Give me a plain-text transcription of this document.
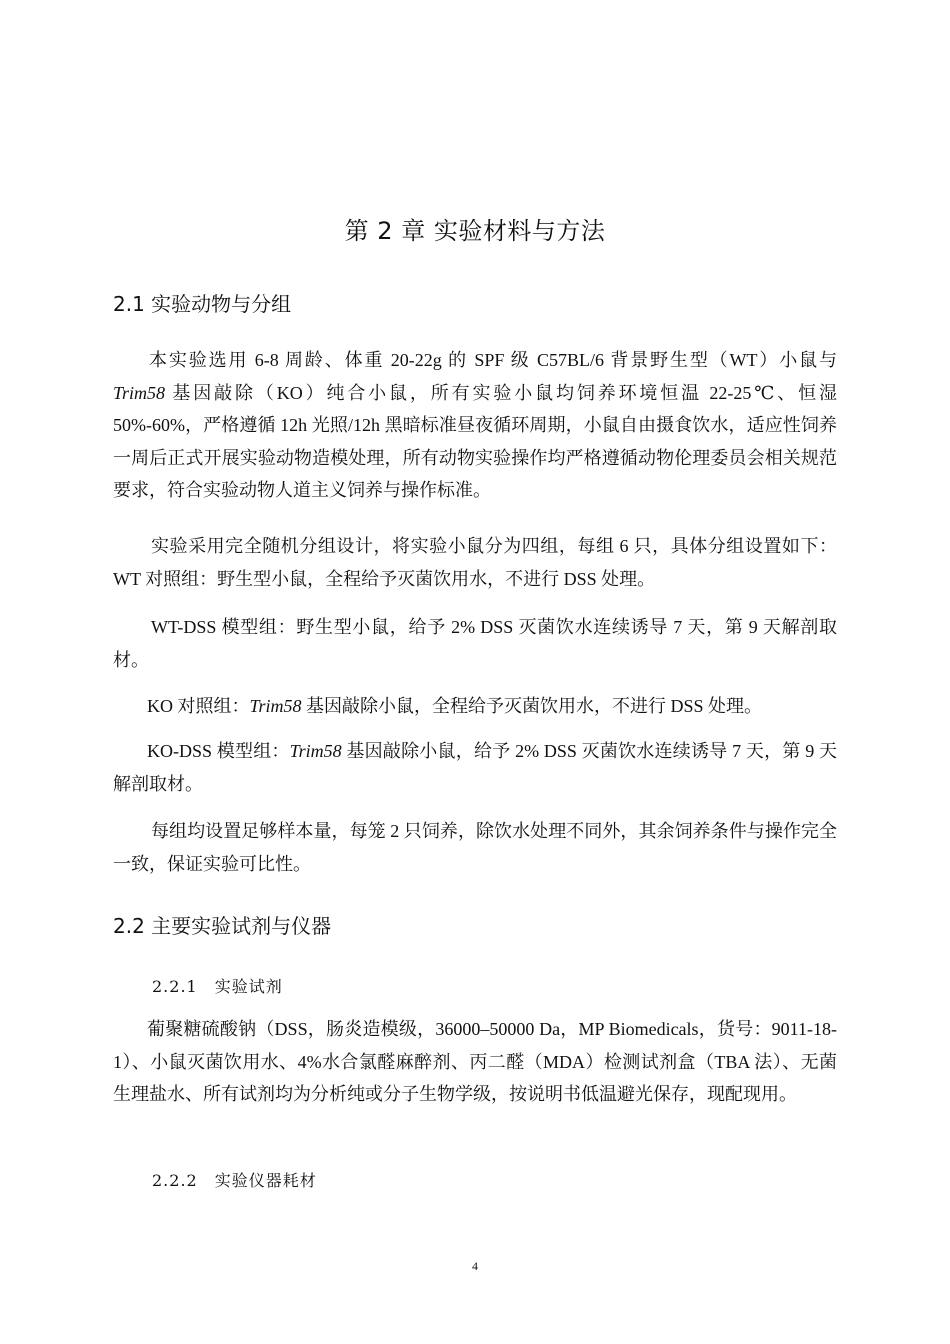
第 2 章 实验材料与方法
2.1 实验动物与分组

本实验选用 6-8 周龄、体重 20-22g 的 SPF 级 C57BL/6 背景野生型（WT）小鼠与 Trim58 基因敲除（KO）纯合小鼠，所有实验小鼠均饲养环境恒温 22-25℃、恒湿 50%-60%，严格遵循 12h 光照/12h 黑暗标准昼夜循环周期，小鼠自由摄食饮水，适应性饲养一周后正式开展实验动物造模处理，所有动物实验操作均严格遵循动物伦理委员会相关规范要求，符合实验动物人道主义饲养与操作标准。

实验采用完全随机分组设计，将实验小鼠分为四组，每组 6 只，具体分组设置如下：WT 对照组：野生型小鼠，全程给予灭菌饮用水，不进行 DSS 处理。

WT-DSS 模型组：野生型小鼠，给予 2% DSS 灭菌饮水连续诱导 7 天，第 9 天解剖取材。

KO 对照组：Trim58 基因敲除小鼠，全程给予灭菌饮用水，不进行 DSS 处理。

KO-DSS 模型组：Trim58 基因敲除小鼠，给予 2% DSS 灭菌饮水连续诱导 7 天，第 9 天解剖取材。

每组均设置足够样本量，每笼 2 只饲养，除饮水处理不同外，其余饲养条件与操作完全一致，保证实验可比性。

2.2 主要实验试剂与仪器
2.2.1　实验试剂

葡聚糖硫酸钠（DSS，肠炎造模级，36000–50000 Da，MP Biomedicals，货号：9011-18-1）、小鼠灭菌饮用水、4%水合氯醛麻醉剂、丙二醛（MDA）检测试剂盒（TBA 法）、无菌生理盐水、所有试剂均为分析纯或分子生物学级，按说明书低温避光保存，现配现用。

2.2.2　实验仪器耗材
4
